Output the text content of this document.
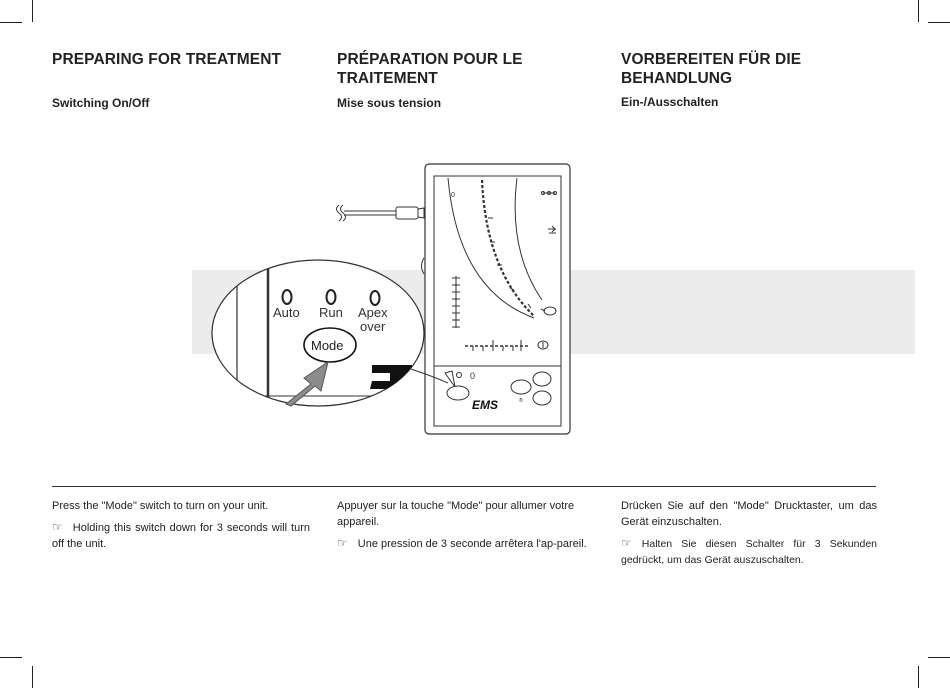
PREPARING FOR TREATMENT
Switching On/Off
PRÉPARATION POUR LE
TRAITEMENT
Mise sous tension
VORBEREITEN FÜR DIE
BEHANDLUNG
Ein-/Ausschalten
0
0
EMS	®
Auto Run Apex
over
Mode

Press the "Mode" switch to turn on your unit.

☞ Holding this switch down for 3 seconds will turn off the unit.

Appuyer sur la touche "Mode" pour allumer votre appareil.

☞ Une pression de 3 seconde arrêtera l'ap-pareil.

Drücken Sie auf den "Mode" Drucktaster, um das Gerät einzuschalten.

☞ Halten Sie diesen Schalter für 3 Sekunden gedrückt, um das Gerät auszuschalten.
